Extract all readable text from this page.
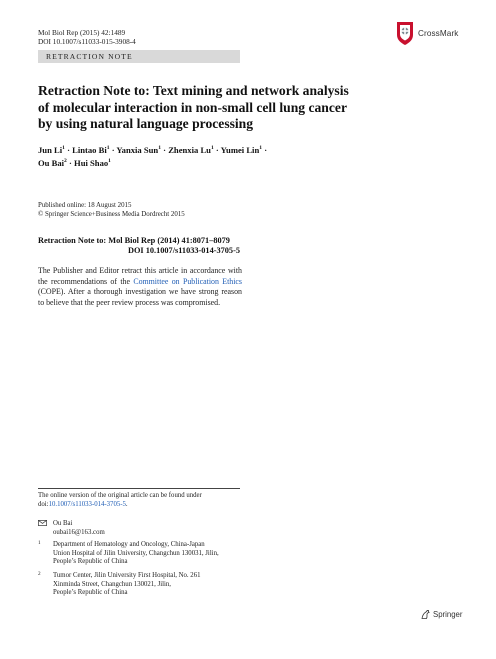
Mol Biol Rep (2015) 42:1489
DOI 10.1007/s11033-015-3908-4
CrossMark
RETRACTION NOTE
Retraction Note to: Text mining and network analysis
of molecular interaction in non-small cell lung cancer
by using natural language processing
Jun $Li^1$ · Lintao $Bi^1$ · Yanxia Sun$^1$ · Zhenxia $Lu^1$ · Yumei Lin$^1$ ·
Ou Bai$^2$ · Hui Shao$^1$
Published online: 18 August 2015
© Springer Science+Business Media Dordrecht 2015
Retraction Note to: Mol Biol Rep (2014) 41:8071–8079
DOI 10.1007/s11033-014-3705-5
The Publisher and Editor retract this article in accordance with the recommendations of the Committee on Publication Ethics (COPE). After a thorough investigation we have strong reason to believe that the peer review process was compromised.
The online version of the original article can be found under
doi:10.1007/s11033-014-3705-5.
Ou Bai
oubai16@163.com
1 Department of Hematology and Oncology, China-Japan
Union Hospital of Jilin University, Changchun 130031, Jilin,
People’s Republic of China
2 Tumor Center, Jilin University First Hospital, No. 261
Xinminda Street, Changchun 130021, Jilin,
People’s Republic of China
Springer
